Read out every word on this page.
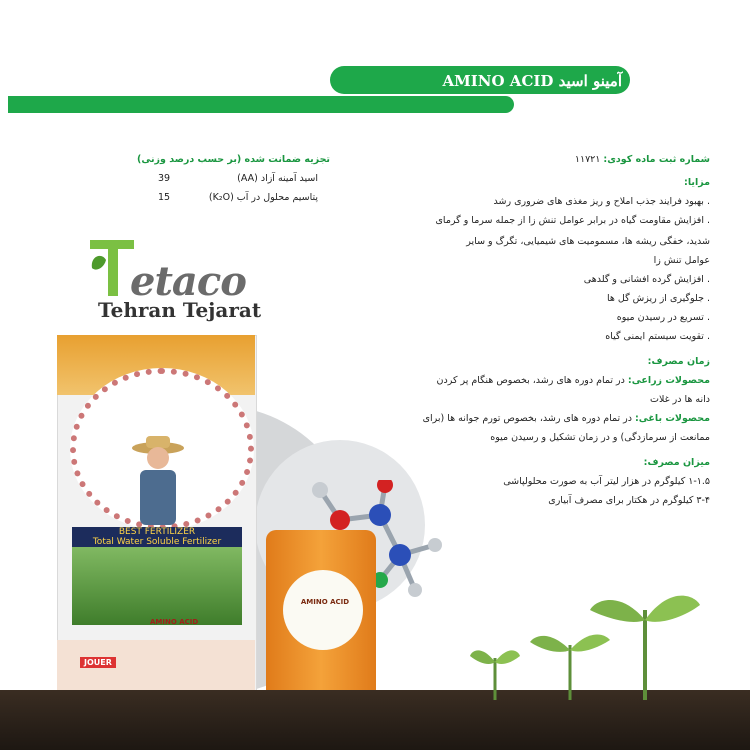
آمینو اسید AMINO ACID
شماره ثبت ماده کودی: ۱۱۷۲۱
مزایا:
. بهبود فرایند جذب املاح و ریز مغذی های ضروری رشد
. افزایش مقاومت گیاه در برابر عوامل تنش زا از جمله سرما و گرمای
شدید، خفگی ریشه ها، مسمومیت های شیمیایی، تگرگ و سایر
عوامل تنش زا
. افزایش گرده افشانی و گلدهی
. جلوگیری از ریزش گل ها
. تسریع در رسیدن میوه
. تقویت سیستم ایمنی گیاه
زمان مصرف:
محصولات زراعی: در تمام دوره های رشد، بخصوص هنگام پر کردن
دانه ها در غلات
محصولات باغی: در تمام دوره های رشد، بخصوص تورم جوانه ها (برای
ممانعت از سرمازدگی) و در زمان تشکیل و رسیدن میوه
میزان مصرف:
۱-۱.۵ کیلوگرم در هزار لیتر آب به صورت محلولپاشی
۳-۴ کیلوگرم در هکتار برای مصرف آبیاری
تجزیه ضمانت شده (بر حسب درصد وزنی)
اسید آمینه آزاد (AA)
39
پتاسیم محلول در آب (K₂O)
15
etaco
Tehran Tejarat
BEST FERTILIZER
Total Water Soluble Fertilizer
AMINO ACID
JOUER
AMINO ACID
